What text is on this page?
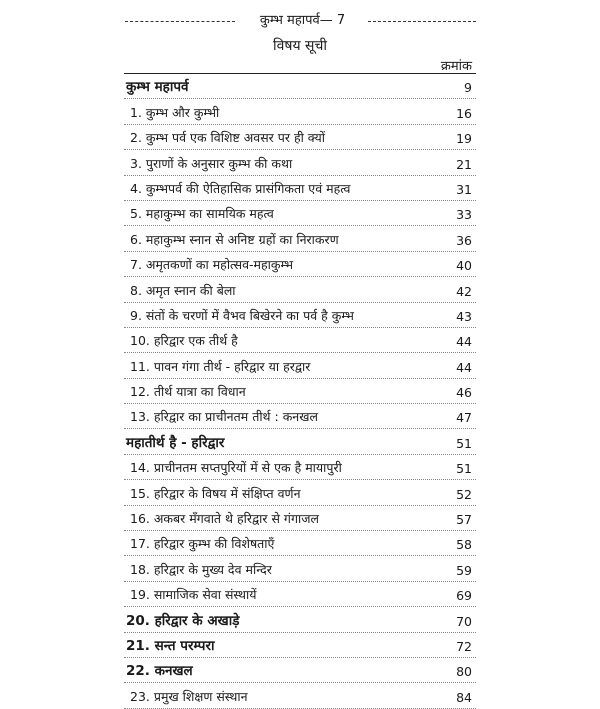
कुम्भ महापर्व— 7
विषय सूची
क्रमांक
कुम्भ महापर्व	9
1. कुम्भ और कुम्भी	16
2. कुम्भ पर्व एक विशिष्ट अवसर पर ही क्यों	19
3. पुराणों के अनुसार कुम्भ की कथा	21
4. कुम्भपर्व की ऐतिहासिक प्रासंगिकता एवं महत्व	31
5. महाकुम्भ का सामयिक महत्व	33
6. महाकुम्भ स्नान से अनिष्ट ग्रहों का निराकरण	36
7. अमृतकणों का महोत्सव-महाकुम्भ	40
8. अमृत स्नान की बेला	42
9. संतों के चरणों में वैभव बिखेरने का पर्व है कुम्भ	43
10. हरिद्वार एक तीर्थ है	44
11. पावन गंगा तीर्थ - हरिद्वार या हरद्वार	44
12. तीर्थ यात्रा का विधान	46
13. हरिद्वार का प्राचीनतम तीर्थ : कनखल	47
महातीर्थ है - हरिद्वार	51
14. प्राचीनतम सप्तपुरियों में से एक है मायापुरी	51
15. हरिद्वार के विषय में संक्षिप्त वर्णन	52
16. अकबर मँगवाते थे हरिद्वार से गंगाजल	57
17. हरिद्वार कुम्भ की विशेषताएँ	58
18. हरिद्वार के मुख्य देव मन्दिर	59
19. सामाजिक सेवा संस्थायें	69
20. हरिद्वार के अखाड़े	70
21. सन्त परम्परा	72
22. कनखल	80
23. प्रमुख शिक्षण संस्थान	84
